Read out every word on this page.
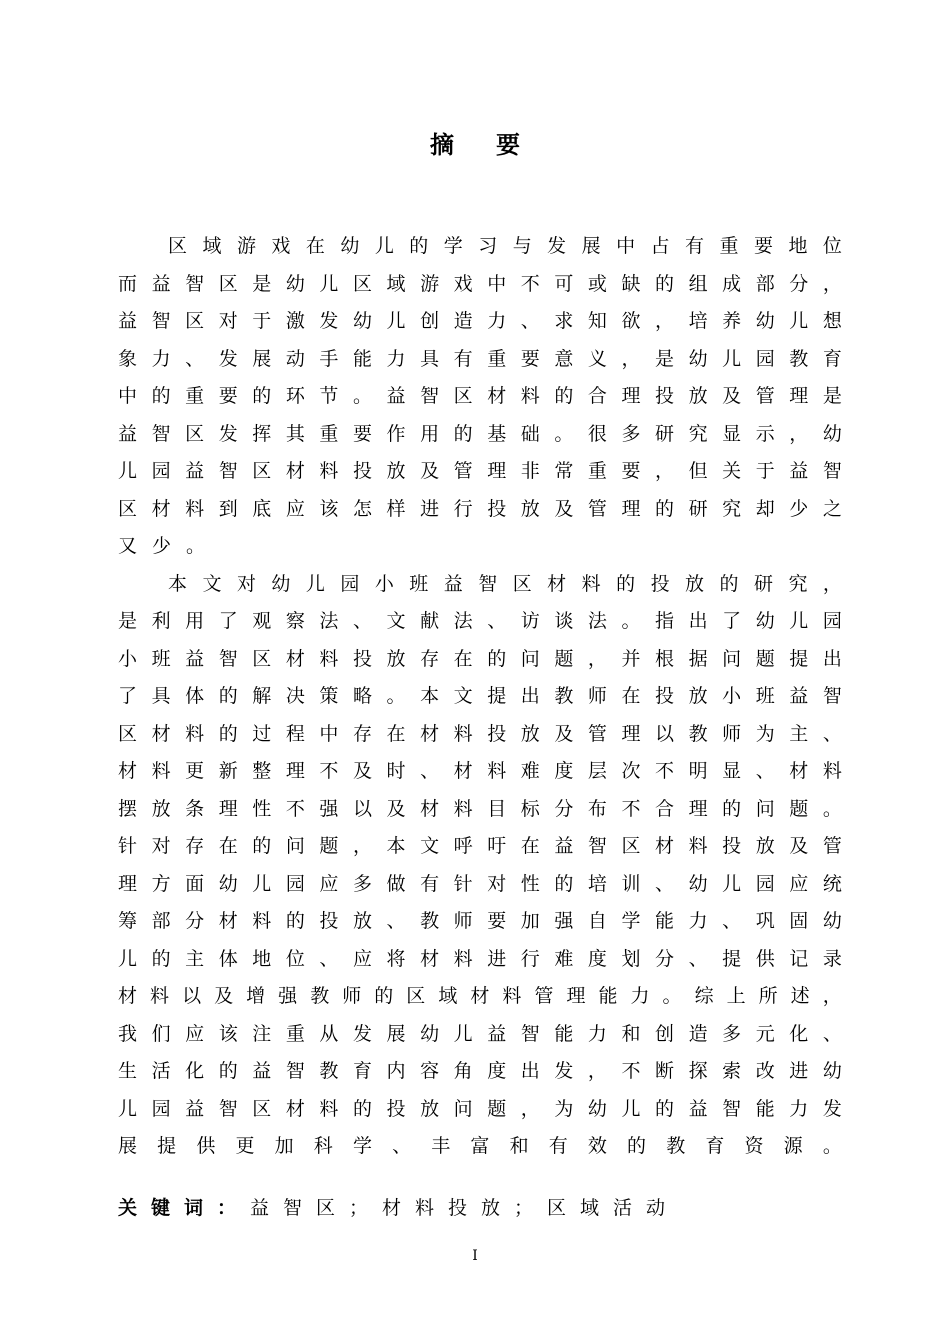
摘要
区 域 游 戏 在 幼 儿 的 学 习 与 发 展 中 占 有 重 要 地 位
而 益 智 区 是 幼 儿 区 域 游 戏 中 不 可 或 缺 的 组 成 部 分 ，
益 智 区 对 于 激 发 幼 儿 创 造 力 、 求 知 欲 ， 培 养 幼 儿 想
象 力 、 发 展 动 手 能 力 具 有 重 要 意 义 ， 是 幼 儿 园 教 育
中 的 重 要 的 环 节 。 益 智 区 材 料 的 合 理 投 放 及 管 理 是
益 智 区 发 挥 其 重 要 作 用 的 基 础 。 很 多 研 究 显 示 ， 幼
儿 园 益 智 区 材 料 投 放 及 管 理 非 常 重 要 ， 但 关 于 益 智
区 材 料 到 底 应 该 怎 样 进 行 投 放 及 管 理 的 研 究 却 少 之
又 少 。
本 文 对 幼 儿 园 小 班 益 智 区 材 料 的 投 放 的 研 究 ，
是 利 用 了 观 察 法 、 文 献 法 、 访 谈 法 。 指 出 了 幼 儿 园
小 班 益 智 区 材 料 投 放 存 在 的 问 题 ， 并 根 据 问 题 提 出
了 具 体 的 解 决 策 略 。 本 文 提 出 教 师 在 投 放 小 班 益 智
区 材 料 的 过 程 中 存 在 材 料 投 放 及 管 理 以 教 师 为 主 、
材 料 更 新 整 理 不 及 时 、 材 料 难 度 层 次 不 明 显 、 材 料
摆 放 条 理 性 不 强 以 及 材 料 目 标 分 布 不 合 理 的 问 题 。
针 对 存 在 的 问 题 ， 本 文 呼 吁 在 益 智 区 材 料 投 放 及 管
理 方 面 幼 儿 园 应 多 做 有 针 对 性 的 培 训 、 幼 儿 园 应 统
筹 部 分 材 料 的 投 放 、 教 师 要 加 强 自 学 能 力 、 巩 固 幼
儿 的 主 体 地 位 、 应 将 材 料 进 行 难 度 划 分 、 提 供 记 录
材 料 以 及 增 强 教 师 的 区 域 材 料 管 理 能 力 。 综 上 所 述 ，
我 们 应 该 注 重 从 发 展 幼 儿 益 智 能 力 和 创 造 多 元 化 、
生 活 化 的 益 智 教 育 内 容 角 度 出 发 ， 不 断 探 索 改 进 幼
儿 园 益 智 区 材 料 的 投 放 问 题 ， 为 幼 儿 的 益 智 能 力 发
展 提 供 更 加 科 学 、 丰 富 和 有 效 的 教 育 资 源 。
关键词：益智区；材料投放；区域活动
I
